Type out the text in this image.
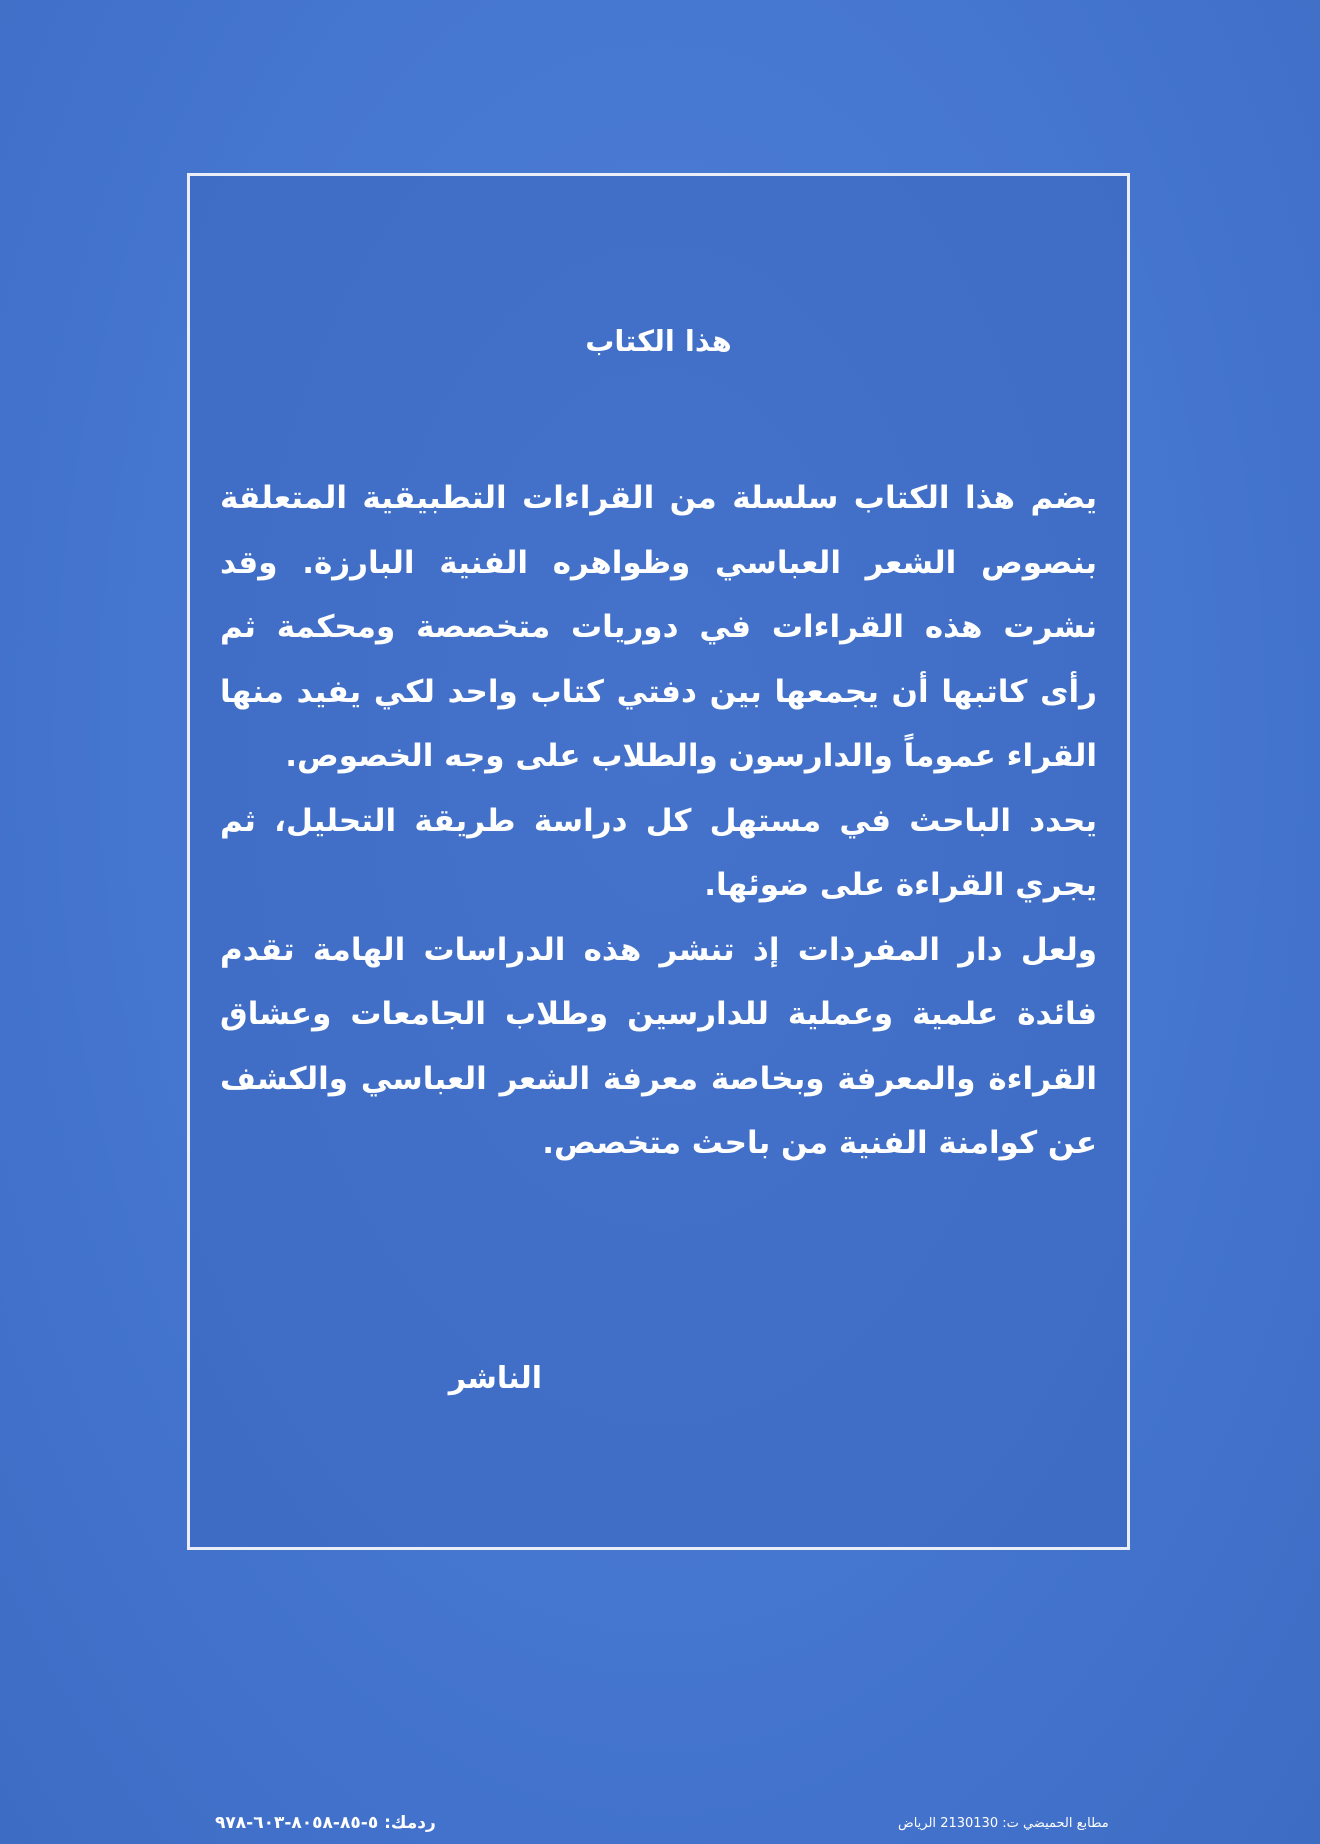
هذا الكتاب
يضم هذا الكتاب سلسلة من القراءات التطبيقية المتعلقة
بنصوص الشعر العباسي وظواهره الفنية البارزة. وقد
نشرت هذه القراءات في دوريات متخصصة ومحكمة ثم
رأى كاتبها أن يجمعها بين دفتي كتاب واحد لكي يفيد منها
القراء عموماً والدارسون والطلاب على وجه الخصوص.
يحدد الباحث في مستهل كل دراسة طريقة التحليل، ثم
يجري القراءة على ضوئها.
ولعل دار المفردات إذ تنشر هذه الدراسات الهامة تقدم
فائدة علمية وعملية للدارسين وطلاب الجامعات وعشاق
القراءة والمعرفة وبخاصة معرفة الشعر العباسي والكشف
عن كوامنة الفنية من باحث متخصص.
الناشر
ردمك: ٥-٨٥-٨٠٥٨-٦٠٣-٩٧٨	مطابع الحميضي ت: 2130130 الرياض
